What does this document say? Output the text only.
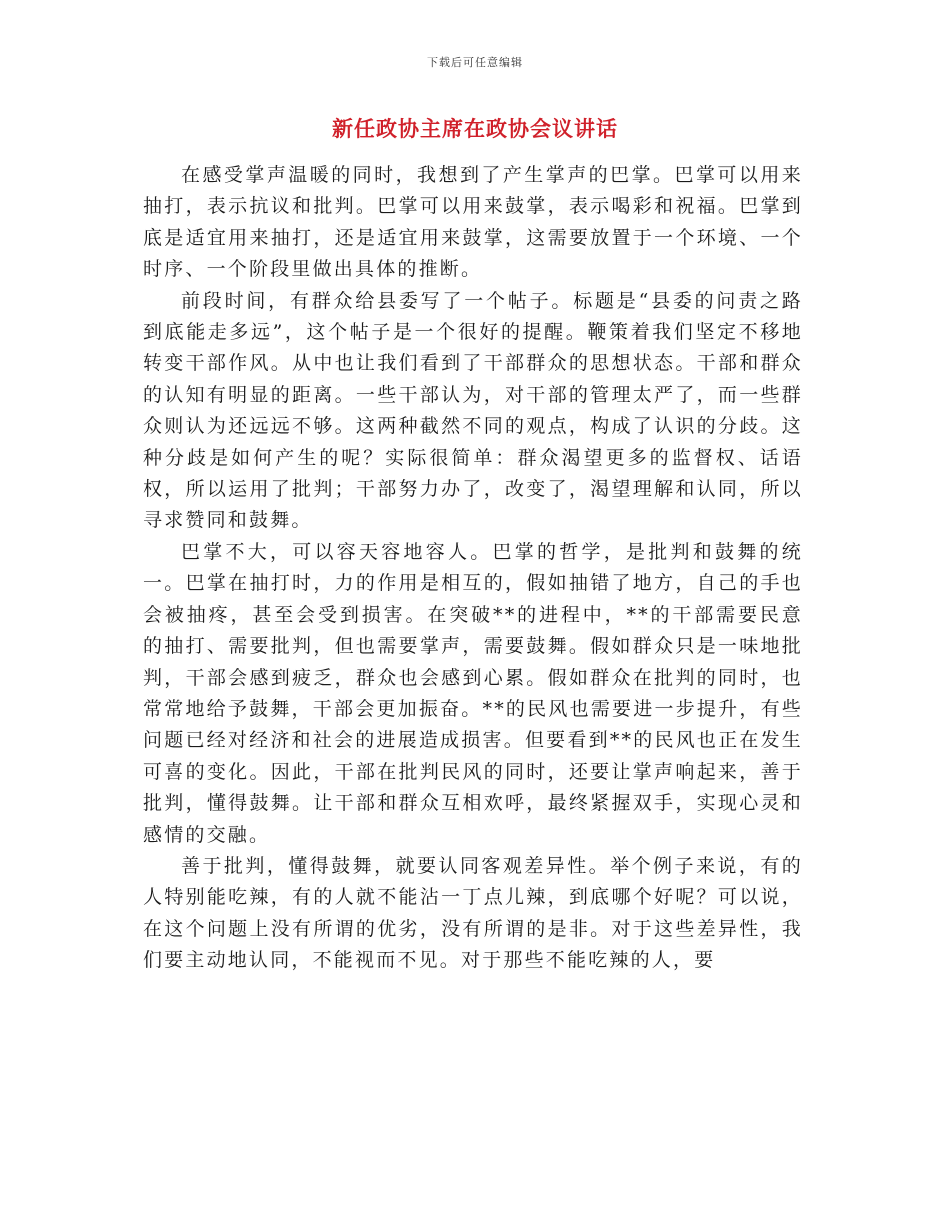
下载后可任意编辑
新任政协主席在政协会议讲话

在感受掌声温暖的同时，我想到了产生掌声的巴掌。巴掌可以用来抽打，表示抗议和批判。巴掌可以用来鼓掌，表示喝彩和祝福。巴掌到底是适宜用来抽打，还是适宜用来鼓掌，这需要放置于一个环境、一个时序、一个阶段里做出具体的推断。

前段时间，有群众给县委写了一个帖子。标题是“县委的问责之路到底能走多远”，这个帖子是一个很好的提醒。鞭策着我们坚定不移地转变干部作风。从中也让我们看到了干部群众的思想状态。干部和群众的认知有明显的距离。一些干部认为，对干部的管理太严了，而一些群众则认为还远远不够。这两种截然不同的观点，构成了认识的分歧。这种分歧是如何产生的呢？实际很简单：群众渴望更多的监督权、话语权，所以运用了批判；干部努力办了，改变了，渴望理解和认同，所以寻求赞同和鼓舞。

巴掌不大，可以容天容地容人。巴掌的哲学，是批判和鼓舞的统一。巴掌在抽打时，力的作用是相互的，假如抽错了地方，自己的手也会被抽疼，甚至会受到损害。在突破**的进程中，**的干部需要民意的抽打、需要批判，但也需要掌声，需要鼓舞。假如群众只是一味地批判，干部会感到疲乏，群众也会感到心累。假如群众在批判的同时，也常常地给予鼓舞，干部会更加振奋。**的民风也需要进一步提升，有些问题已经对经济和社会的进展造成损害。但要看到**的民风也正在发生可喜的变化。因此，干部在批判民风的同时，还要让掌声响起来，善于批判，懂得鼓舞。让干部和群众互相欢呼，最终紧握双手，实现心灵和感情的交融。

善于批判，懂得鼓舞，就要认同客观差异性。举个例子来说，有的人特别能吃辣，有的人就不能沾一丁点儿辣，到底哪个好呢？可以说，在这个问题上没有所谓的优劣，没有所谓的是非。对于这些差异性，我们要主动地认同，不能视而不见。对于那些不能吃辣的人，要
